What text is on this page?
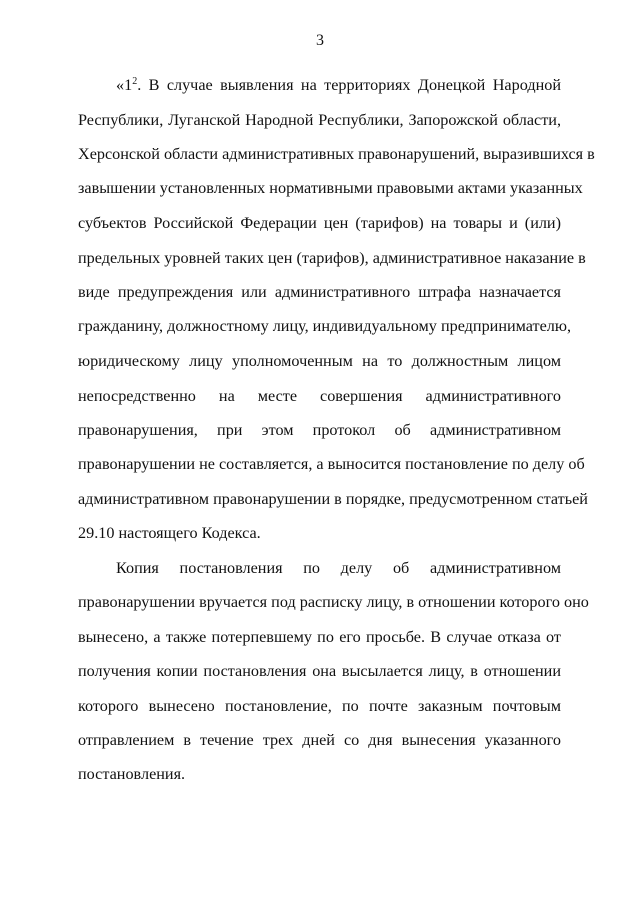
3
«$1^2$. В случае выявления на территориях Донецкой Народной
Республики, Луганской Народной Республики, Запорожской области,
Херсонской области административных правонарушений, выразившихся в
завышении установленных нормативными правовыми актами указанных
субъектов Российской Федерации цен (тарифов) на товары и (или)
предельных уровней таких цен (тарифов), административное наказание в
виде предупреждения или административного штрафа назначается
гражданину, должностному лицу, индивидуальному предпринимателю,
юридическому лицу уполномоченным на то должностным лицом
непосредственно на месте совершения административного
правонарушения, при этом протокол об административном
правонарушении не составляется, а выносится постановление по делу об
административном правонарушении в порядке, предусмотренном статьей
29.10 настоящего Кодекса.
Копия постановления по делу об административном
правонарушении вручается под расписку лицу, в отношении которого оно
вынесено, а также потерпевшему по его просьбе. В случае отказа от
получения копии постановления она высылается лицу, в отношении
которого вынесено постановление, по почте заказным почтовым
отправлением в течение трех дней со дня вынесения указанного
постановления.
